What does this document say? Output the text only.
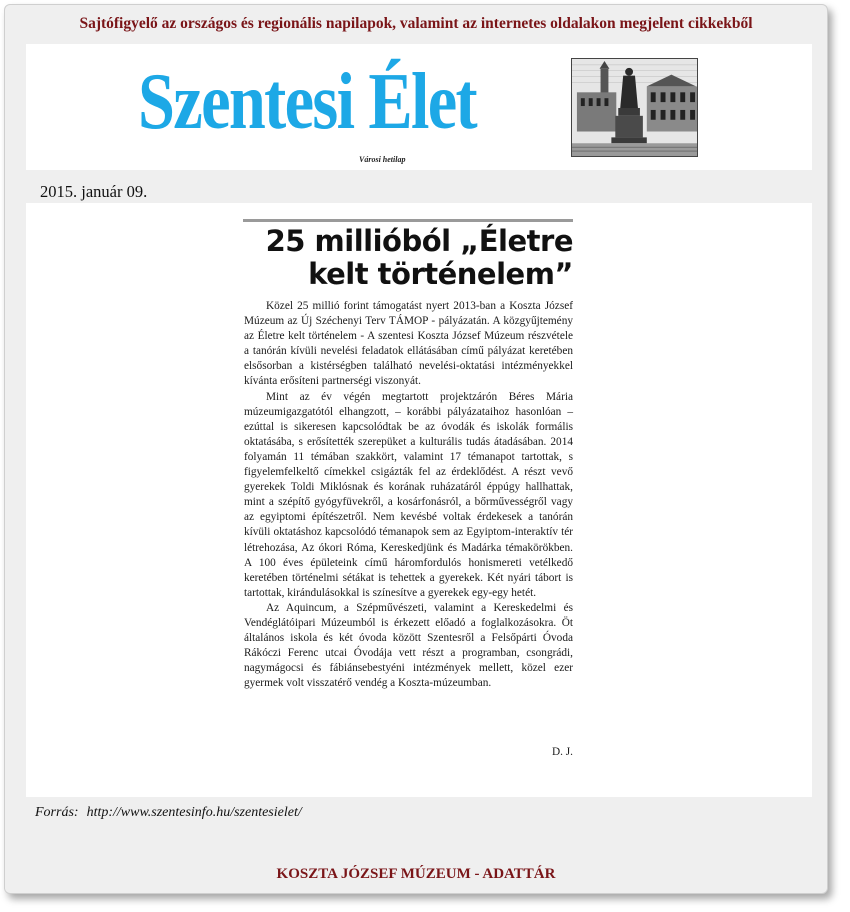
Sajtófigyelő az országos és regionális napilapok, valamint az internetes oldalakon megjelent cikkekből
Szentesi Élet
Városi hetilap
2015. január 09.
25 millióból „Életre
kelt történelem”

Közel 25 millió forint támogatást nyert 2013-ban a Koszta József Múzeum az Új Széchenyi Terv TÁMOP - pályázatán. A közgyűjtemény az Életre kelt történelem - A szentesi Koszta József Múzeum részvétele a tanórán kívüli nevelési feladatok ellátásában című pályázat keretében elsősorban a kistérségben található nevelési-oktatási intézményekkel kívánta erősíteni partnerségi viszonyát.

Mint az év végén megtartott projektzárón Béres Mária múzeumigazgatótól elhangzott, – korábbi pályázataihoz hasonlóan – ezúttal is sikeresen kapcsolódtak be az óvodák és iskolák formális oktatásába, s erősítették szerepüket a kulturális tudás átadásában. 2014 folyamán 11 témában szakkört, valamint 17 témanapot tartottak, s figyelemfelkeltő címekkel csigázták fel az érdeklődést. A részt vevő gyerekek Toldi Miklósnak és korának ruházatáról éppúgy hallhattak, mint a szépítő gyógyfüvekről, a kosárfonásról, a bőrművességről vagy az egyiptomi építészetről. Nem kevésbé voltak érdekesek a tanórán kívüli oktatáshoz kapcsolódó témanapok sem az Egyiptom-interaktív tér létrehozása, Az ókori Róma, Kereskedjünk és Madárka témakörökben. A 100 éves épületeink című háromfordulós honismereti vetélkedő keretében történelmi sétákat is tehettek a gyerekek. Két nyári tábort is tartottak, kirándulásokkal is színesítve a gyerekek egy-egy hetét.

Az Aquincum, a Szépművészeti, valamint a Kereskedelmi és Vendéglátóipari Múzeumból is érkezett előadó a foglalkozásokra. Öt általános iskola és két óvoda között Szentesről a Felsőpárti Óvoda Rákóczi Ferenc utcai Óvodája vett részt a programban, csongrádi, nagymágocsi és fábiánsebestyéni intézmények mellett, közel ezer gyermek volt visszatérő vendég a Koszta-múzeumban.

D. J.
Forrás: http://www.szentesinfo.hu/szentesielet/
KOSZTA JÓZSEF MÚZEUM - ADATTÁR
